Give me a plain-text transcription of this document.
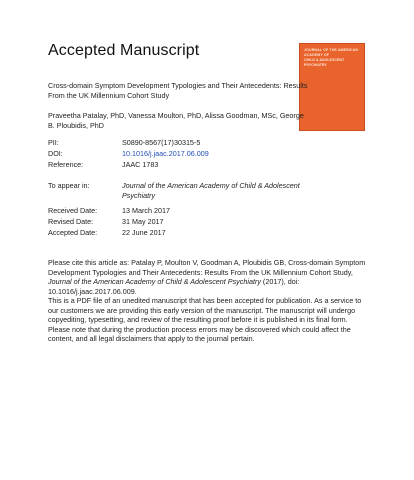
Accepted Manuscript	JOURNAL OF THE AMERICAN ACADEMY OF
CHILD & ADOLESCENT PSYCHIATRY
Cross-domain Symptom Development Typologies and Their Antecedents: Results From the UK Millennium Cohort Study
Praveetha Patalay, PhD, Vanessa Moulton, PhD, Alissa Goodman, MSc, George B. Ploubidis, PhD
PII:	S0890-8567(17)30315-5
DOI:	10.1016/j.jaac.2017.06.009
Reference:	JAAC 1783
To appear in:	Journal of the American Academy of Child & Adolescent Psychiatry
Received Date:	13 March 2017
Revised Date:	31 May 2017
Accepted Date:	22 June 2017
Please cite this article as: Patalay P, Moulton V, Goodman A, Ploubidis GB, Cross-domain Symptom Development Typologies and Their Antecedents: Results From the UK Millennium Cohort Study, Journal of the American Academy of Child & Adolescent Psychiatry (2017), doi: 10.1016/j.jaac.2017.06.009.
This is a PDF file of an unedited manuscript that has been accepted for publication. As a service to our customers we are providing this early version of the manuscript. The manuscript will undergo copyediting, typesetting, and review of the resulting proof before it is published in its final form. Please note that during the production process errors may be discovered which could affect the content, and all legal disclaimers that apply to the journal pertain.
